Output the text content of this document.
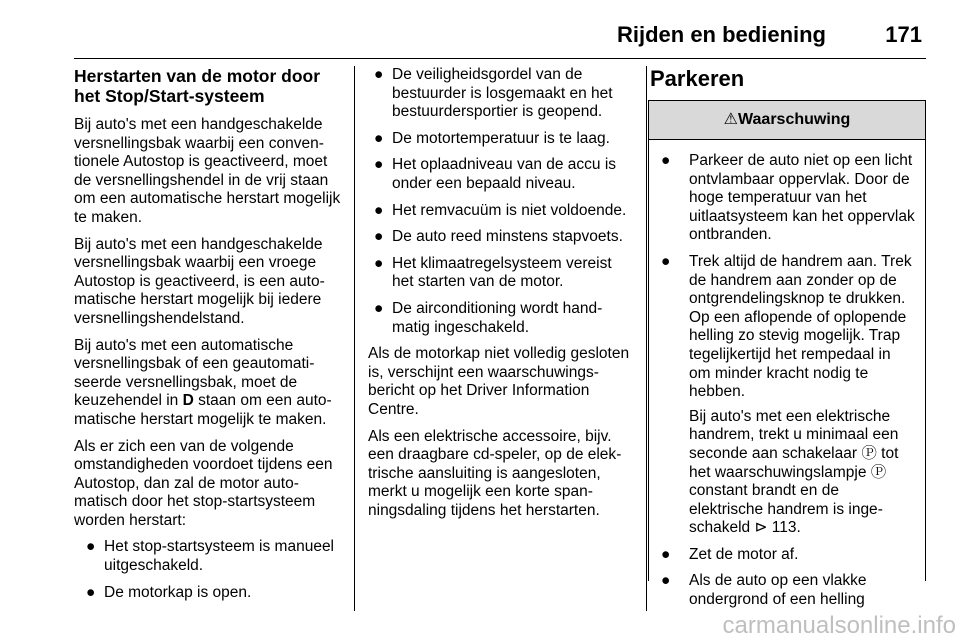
Rijden en bediening	171
Herstarten van de motor door het Stop/Start-systeem

Bij auto's met een handgeschakelde versnellingsbak waarbij een conventionele Autostop is geactiveerd, moet de versnellingshendel in de vrij staan om een automatische herstart mogelijk te maken.

Bij auto's met een handgeschakelde versnellingsbak waarbij een vroege Autostop is geactiveerd, is een automatische herstart mogelijk bij iedere versnellingshendelstand.

Bij auto's met een automatische versnellingsbak of een geautomatiseerde versnellingsbak, moet de keuzehendel in D staan om een automatische herstart mogelijk te maken.

Als er zich een van de volgende omstandigheden voordoet tijdens een Autostop, dan zal de motor automatisch door het stop-startsysteem worden herstart:

● Het stop-startsysteem is manueel uitgeschakeld.
● De motorkap is open.
● De veiligheidsgordel van de bestuurder is losgemaakt en het bestuurdersportier is geopend.
● De motortemperatuur is te laag.
● Het oplaadniveau van de accu is onder een bepaald niveau.
● Het remvacuüm is niet voldoende.
● De auto reed minstens stapvoets.
● Het klimaatregelsysteem vereist het starten van de motor.
● De airconditioning wordt handmatig ingeschakeld.

Als de motorkap niet volledig gesloten is, verschijnt een waarschuwingsbericht op het Driver Information Centre.

Als een elektrische accessoire, bijv. een draagbare cd-speler, op de elektrische aansluiting is aangesloten, merkt u mogelijk een korte spanningsdaling tijdens het herstarten.

Parkeren
⚠Waarschuwing
● Parkeer de auto niet op een licht ontvlambaar oppervlak. Door de hoge temperatuur van het uitlaatsysteem kan het oppervlak ontbranden.
● Trek altijd de handrem aan. Trek de handrem aan zonder op de ontgrendelingsknop te drukken. Op een aflopende of oplopende helling zo stevig mogelijk. Trap tegelijkertijd het rempedaal in om minder kracht nodig te hebben.
Bij auto's met een elektrische handrem, trekt u minimaal een seconde aan schakelaar Ⓟ tot het waarschuwingslampje Ⓟ constant brandt en de elektrische handrem is ingeschakeld ⊳ 113.
● Zet de motor af.
● Als de auto op een vlakke ondergrond of een helling
carmanualsonline.info
